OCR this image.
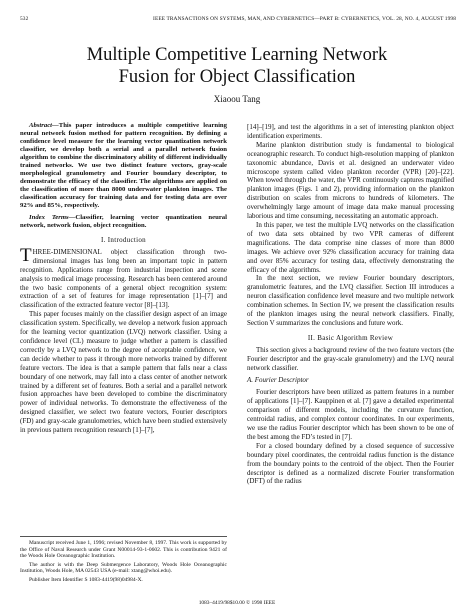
532	IEEE TRANSACTIONS ON SYSTEMS, MAN, AND CYBERNETICS—PART B: CYBERNETICS, VOL. 28, NO. 4, AUGUST 1998
Multiple Competitive Learning Network
Fusion for Object Classification
Xiaoou Tang

Abstract—This paper introduces a multiple competitive learning neural network fusion method for pattern recognition. By defining a confidence level measure for the learning vector quantization network classifier, we develop both a serial and a parallel network fusion algorithm to combine the discriminatory ability of different individually trained networks. We use two distinct feature vectors, gray-scale morphological granulometry and Fourier boundary descriptor, to demonstrate the efficacy of the classifier. The algorithms are applied on the classification of more than 8000 underwater plankton images. The classification accuracy for training data and for testing data are over 92% and 85%, respectively.

Index Terms—Classifier, learning vector quantization neural network, network fusion, object recognition.

I. Introduction

THREE-DIMENSIONAL object classification through two-dimensional images has long been an important topic in pattern recognition. Applications range from industrial inspection and scene analysis to medical image processing. Research has been centered around the two basic components of a general object recognition system: extraction of a set of features for image representation [1]–[7] and classification of the extracted feature vector [8]–[13].

This paper focuses mainly on the classifier design aspect of an image classification system. Specifically, we develop a network fusion approach for the learning vector quantization (LVQ) network classifier. Using a confidence level (CL) measure to judge whether a pattern is classified correctly by a LVQ network to the degree of acceptable confidence, we can decide whether to pass it through more networks trained by different feature vectors. The idea is that a sample pattern that falls near a class boundary of one network, may fall into a class center of another network trained by a different set of features. Both a serial and a parallel network fusion approaches have been developed to combine the discriminatory power of individual networks. To demonstrate the effectiveness of the designed classifier, we select two feature vectors, Fourier descriptors (FD) and gray-scale granulometries, which have been studied extensively in previous pattern recognition research [1]–[7],

Manuscript received June 1, 1996; revised November 8, 1997. This work is supported by the Office of Naval Research under Grant N00014-93-1-0602. This is contribution 9421 of the Woods Hole Oceanographic Institution.

The author is with the Deep Submergence Laboratory, Woods Hole Oceanographic Institution, Woods Hole, MA 02543 USA (e-mail: xtang@whoi.edu).

Publisher Item Identifier S 1083-4419(98)04984-X.

[14]–[19], and test the algorithms in a set of interesting plankton object identification experiments.

Marine plankton distribution study is fundamental to biological oceanographic research. To conduct high-resolution mapping of plankton taxonomic abundance, Davis et al. designed an underwater video microscope system called video plankton recorder (VPR) [20]–[22]. When towed through the water, the VPR continuously captures magnified plankton images (Figs. 1 and 2), providing information on the plankton distribution on scales from microns to hundreds of kilometers. The overwhelmingly large amount of image data make manual processing laborious and time consuming, necessitating an automatic approach.

In this paper, we test the multiple LVQ networks on the classification of two data sets obtained by two VPR cameras of different magnifications. The data comprise nine classes of more than 8000 images. We achieve over 92% classification accuracy for training data and over 85% accuracy for testing data, effectively demonstrating the efficacy of the algorithms.

In the next section, we review Fourier boundary descriptors, granulometric features, and the LVQ classifier. Section III introduces a neuron classification confidence level measure and two multiple network combination schemes. In Section IV, we present the classification results of the plankton images using the neural network classifiers. Finally, Section V summarizes the conclusions and future work.

II. Basic Algorithm Review

This section gives a background review of the two feature vectors (the Fourier descriptor and the gray-scale granulometry) and the LVQ neural network classifier.

A. Fourier Descriptor

Fourier descriptors have been utilized as pattern features in a number of applications [1]–[7]. Kauppinen et al. [7] gave a detailed experimental comparison of different models, including the curvature function, centroidal radius, and complex contour coordinates. In our experiments, we use the radius Fourier descriptor which has been shown to be one of the best among the FD’s tested in [7].

For a closed boundary defined by a closed sequence of successive boundary pixel coordinates, the centroidal radius function is the distance from the boundary points to the centroid of the object. Then the Fourier descriptor is defined as a normalized discrete Fourier transformation (DFT) of the radius

1083–4419/98$10.00 © 1998 IEEE
